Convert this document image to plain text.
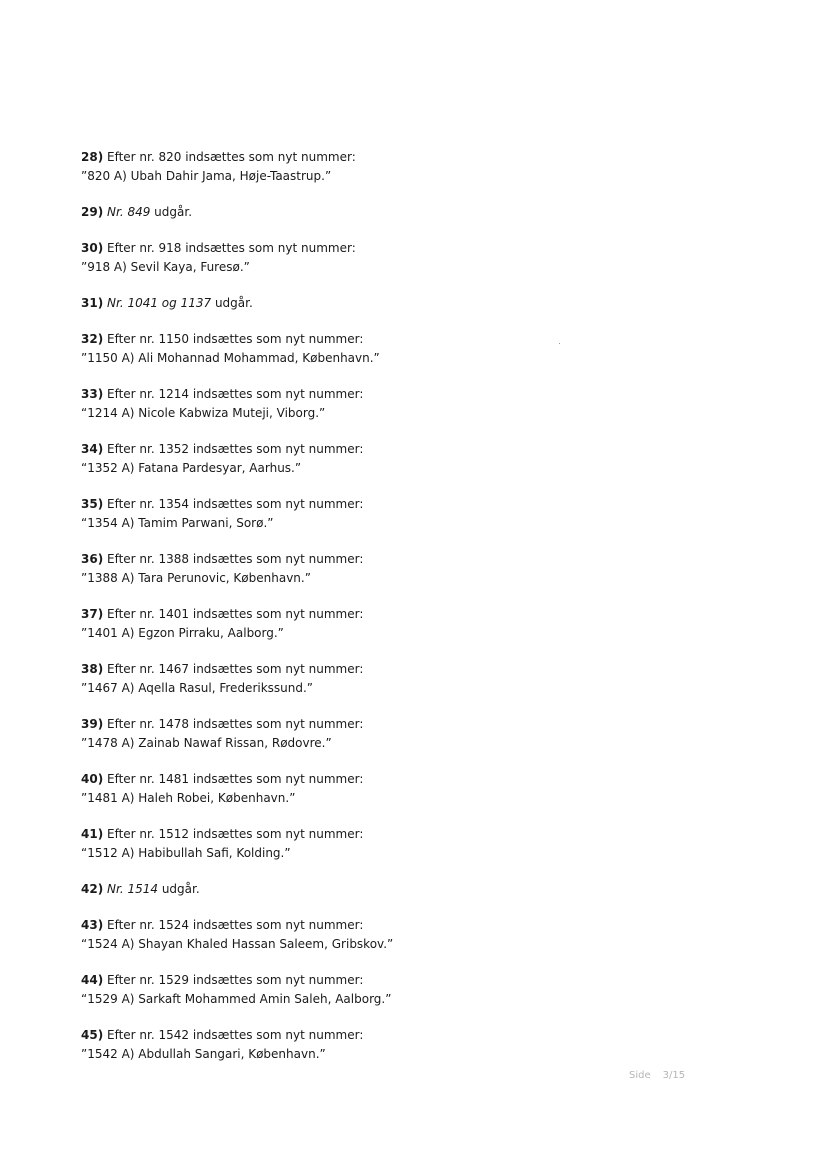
28) Efter nr. 820 indsættes som nyt nummer:
”820 A) Ubah Dahir Jama, Høje-Taastrup.”
29) Nr. 849 udgår.
30) Efter nr. 918 indsættes som nyt nummer:
”918 A) Sevil Kaya, Furesø.”
31) Nr. 1041 og 1137 udgår.
32) Efter nr. 1150 indsættes som nyt nummer:
”1150 A) Ali Mohannad Mohammad, København.”
33) Efter nr. 1214 indsættes som nyt nummer:
“1214 A) Nicole Kabwiza Muteji, Viborg.”
34) Efter nr. 1352 indsættes som nyt nummer:
“1352 A) Fatana Pardesyar, Aarhus.”
35) Efter nr. 1354 indsættes som nyt nummer:
“1354 A) Tamim Parwani, Sorø.”
36) Efter nr. 1388 indsættes som nyt nummer:
”1388 A) Tara Perunovic, København.”
37) Efter nr. 1401 indsættes som nyt nummer:
”1401 A) Egzon Pirraku, Aalborg.”
38) Efter nr. 1467 indsættes som nyt nummer:
”1467 A) Aqella Rasul, Frederikssund.”
39) Efter nr. 1478 indsættes som nyt nummer:
”1478 A) Zainab Nawaf Rissan, Rødovre.”
40) Efter nr. 1481 indsættes som nyt nummer:
”1481 A) Haleh Robei, København.”
41) Efter nr. 1512 indsættes som nyt nummer:
“1512 A) Habibullah Safi, Kolding.”
42) Nr. 1514 udgår.
43) Efter nr. 1524 indsættes som nyt nummer:
“1524 A) Shayan Khaled Hassan Saleem, Gribskov.”
44) Efter nr. 1529 indsættes som nyt nummer:
“1529 A) Sarkaft Mohammed Amin Saleh, Aalborg.”
45) Efter nr. 1542 indsættes som nyt nummer:
”1542 A) Abdullah Sangari, København.”
Side 3/15
